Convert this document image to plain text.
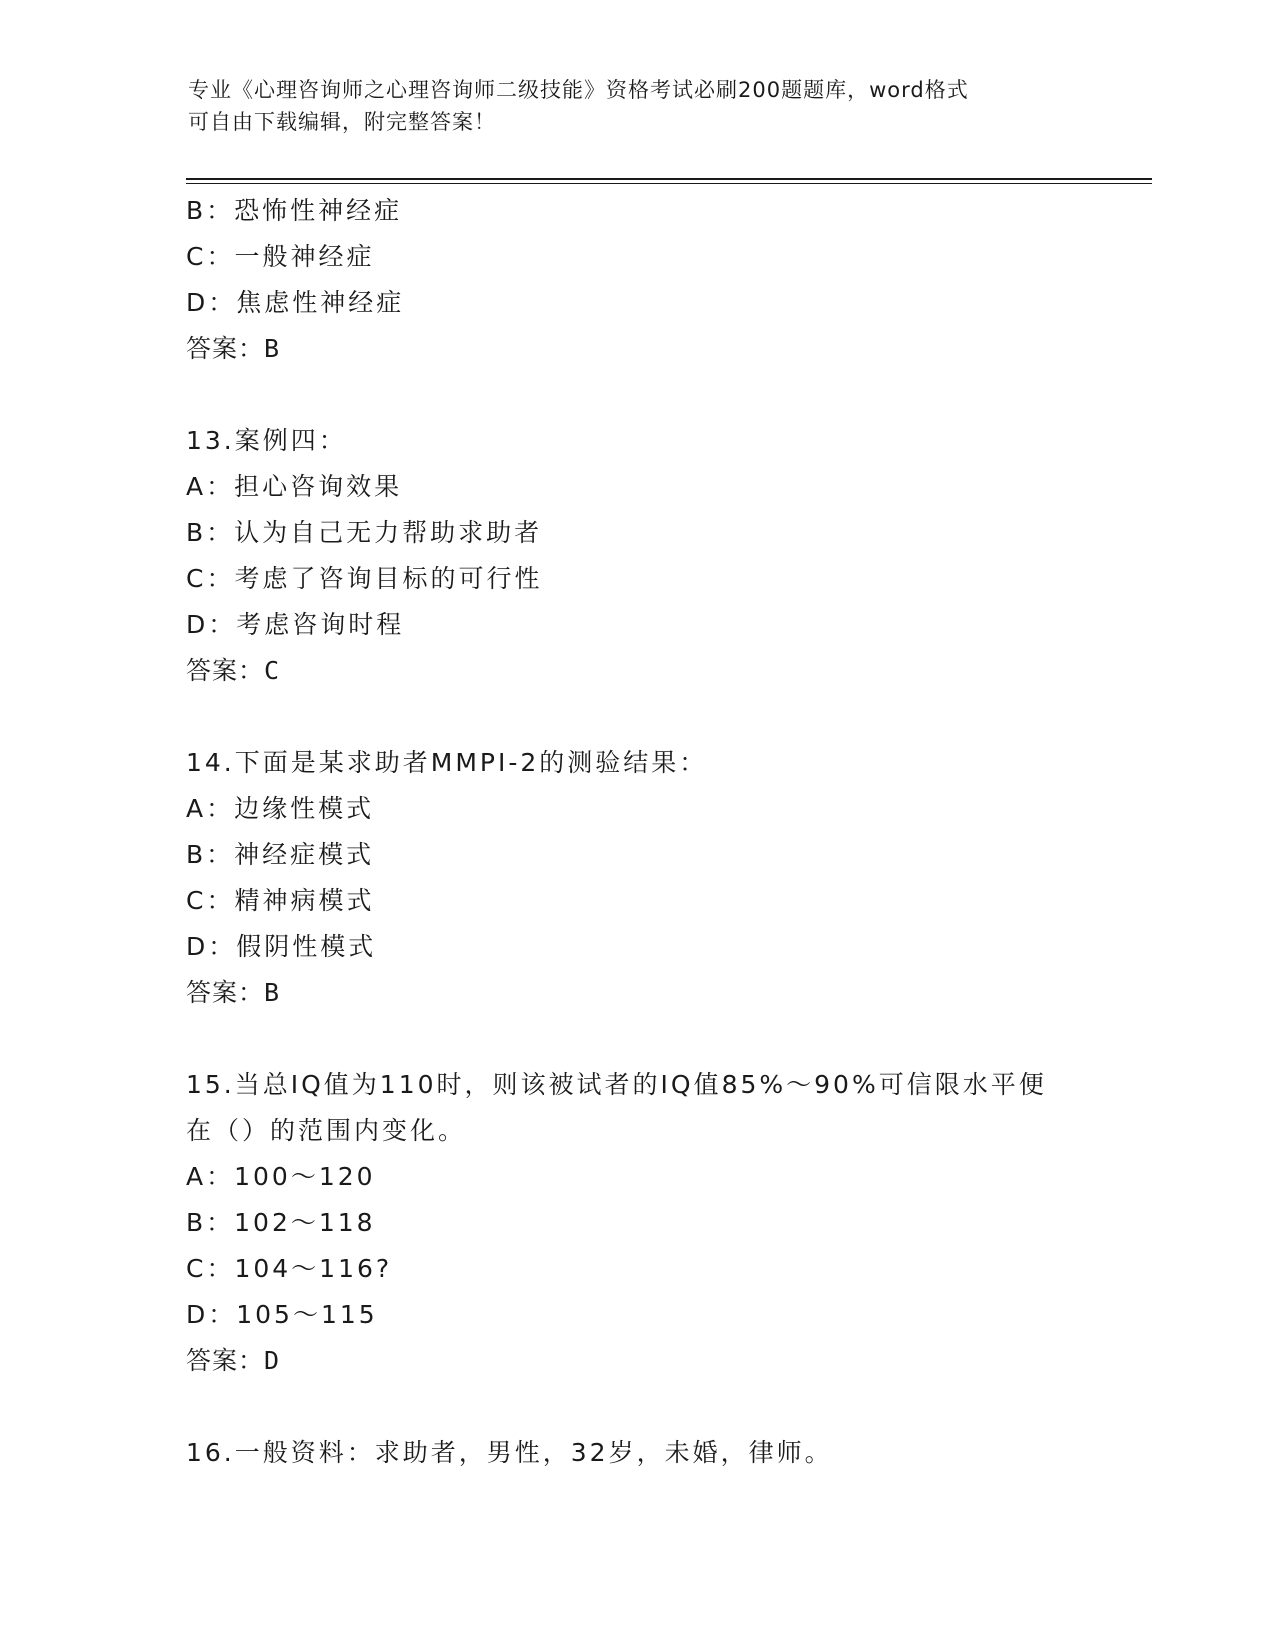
专业《心理咨询师之心理咨询师二级技能》资格考试必刷200题题库，word格式
可自由下载编辑，附完整答案！
B：恐怖性神经症
C：一般神经症
D：焦虑性神经症
答案：B
13.案例四：
A：担心咨询效果
B：认为自己无力帮助求助者
C：考虑了咨询目标的可行性
D：考虑咨询时程
答案：C
14.下面是某求助者MMPI-2的测验结果：
A：边缘性模式
B：神经症模式
C：精神病模式
D：假阴性模式
答案：B
15.当总IQ值为110时，则该被试者的IQ值85%～90%可信限水平便
在（）的范围内变化。
A：100～120
B：102～118
C：104～116?
D：105～115
答案：D
16.一般资料：求助者，男性，32岁，未婚，律师。
